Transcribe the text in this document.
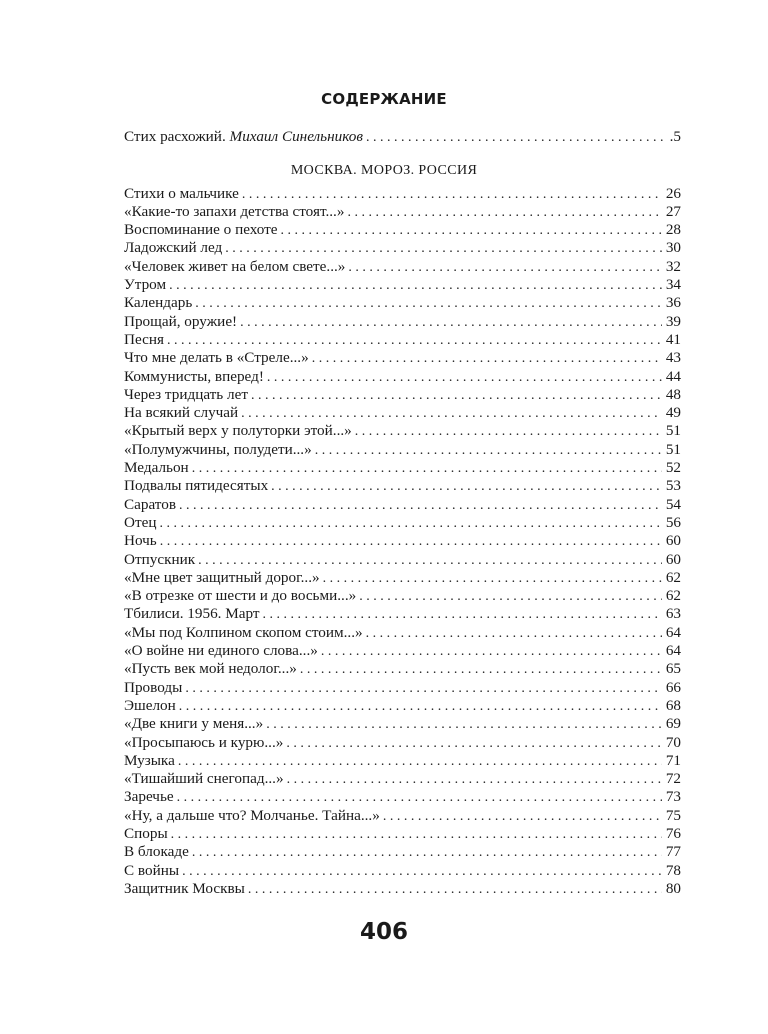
СОДЕРЖАНИЕ
Стих расхожий. Михаил Синельников . . .	.5
МОСКВА. МОРОЗ. РОССИЯ
Стихи о мальчике . . .	26
«Какие-то запахи детства стоят...» . . .	27
Воспоминание о пехоте . . .	28
Ладожский лед . . .	30
«Человек живет на белом свете...» . . .	32
Утром . . .	34
Календарь . . .	36
Прощай, оружие! . . .	39
Песня . . .	41
Что мне делать в «Стреле...» . . .	43
Коммунисты, вперед! . . .	44
Через тридцать лет . . .	48
На всякий случай . . .	49
«Крытый верх у полуторки этой...» . . .	51
«Полумужчины, полудети...» . . .	51
Медальон . . .	52
Подвалы пятидесятых . . .	53
Саратов . . .	54
Отец . . .	56
Ночь . . .	60
Отпускник . . .	60
«Мне цвет защитный дорог...» . . .	62
«В отрезке от шести и до восьми...» . . .	62
Тбилиси. 1956. Март . . .	63
«Мы под Колпином скопом стоим...» . . .	64
«О войне ни единого слова...» . . .	64
«Пусть век мой недолог...» . . .	65
Проводы . . .	66
Эшелон . . .	68
«Две книги у меня...» . . .	69
«Просыпаюсь и курю...» . . .	70
Музыка . . .	71
«Тишайший снегопад...» . . .	72
Заречье . . .	73
«Ну, а дальше что? Молчанье. Тайна...» . . .	75
Споры . . .	76
В блокаде . . .	77
С войны . . .	78
Защитник Москвы . . .	80
406
